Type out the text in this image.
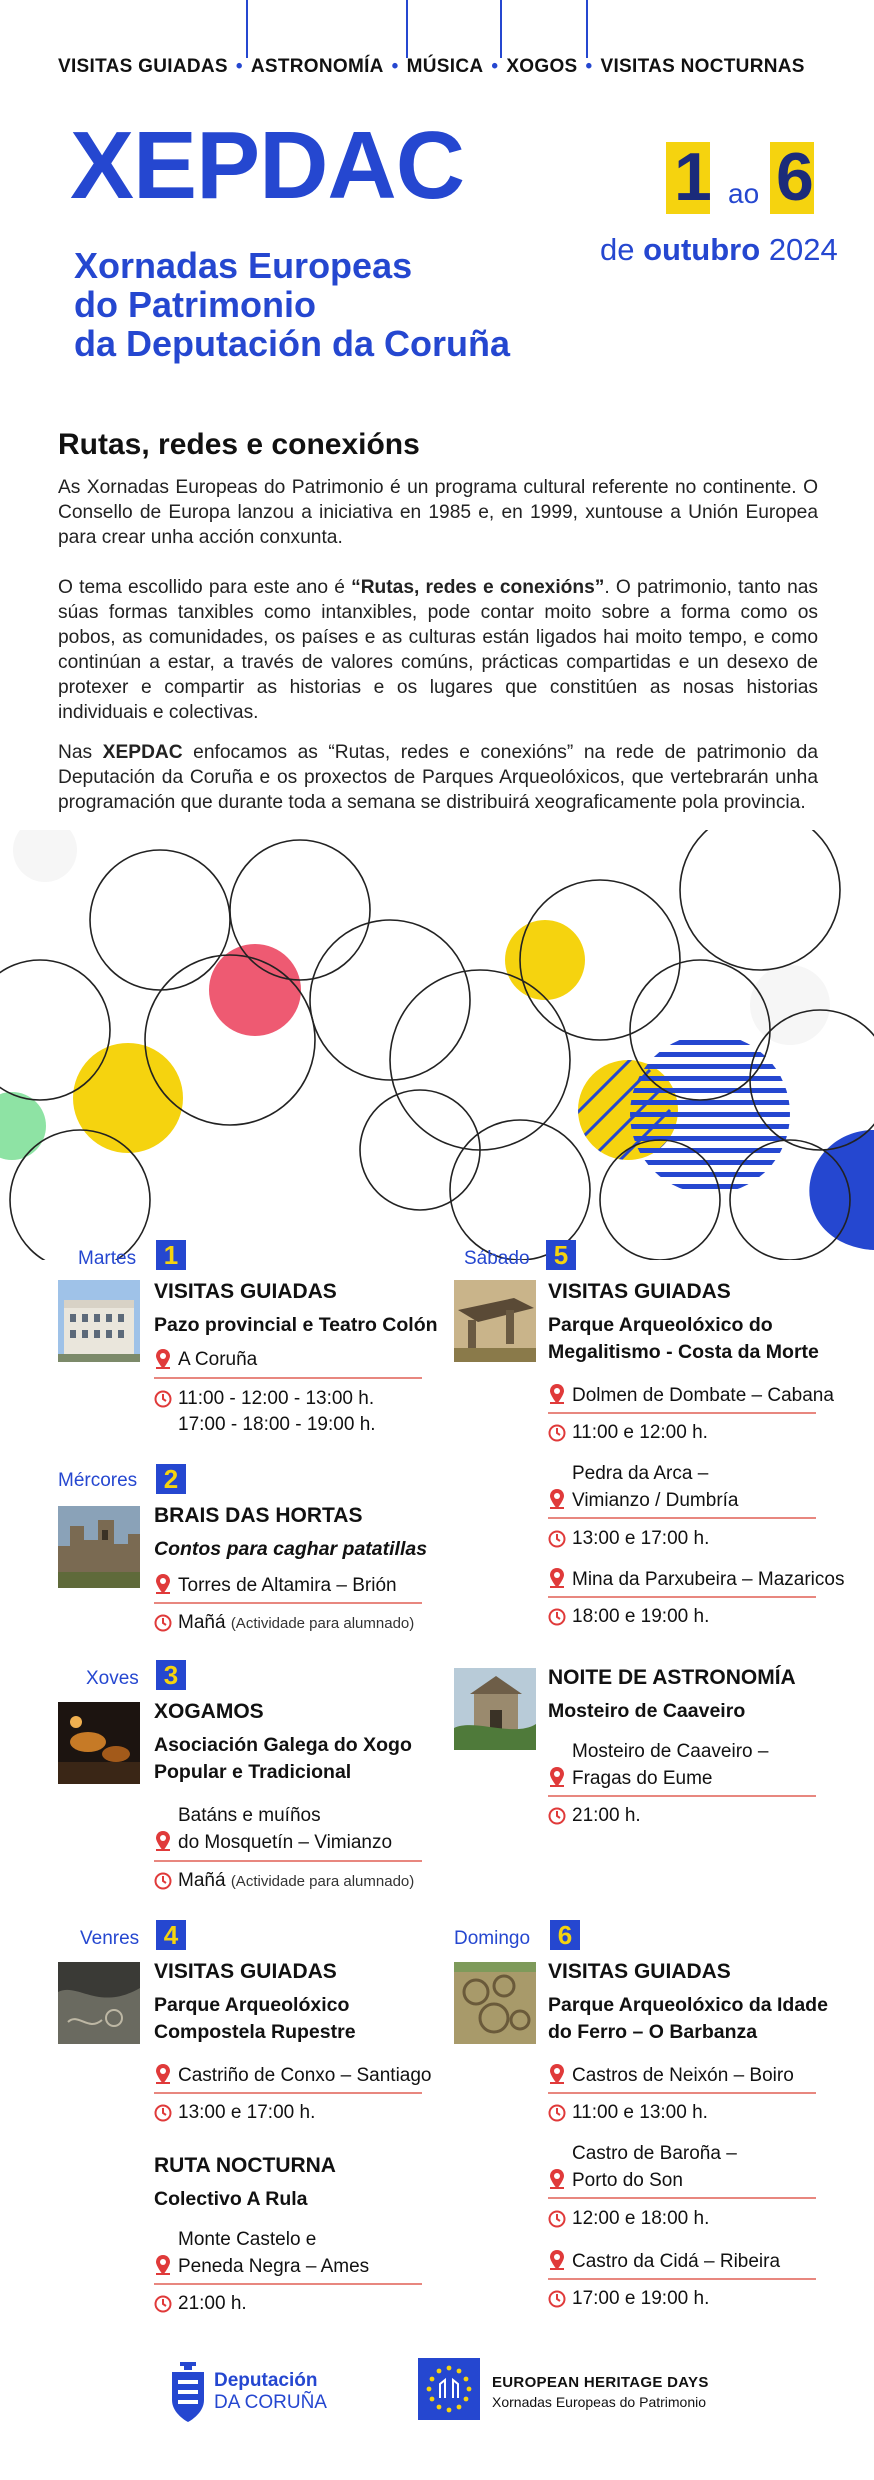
VISITAS GUIADAS • ASTRONOMÍA • MÚSICA • XOGOS • VISITAS NOCTURNAS
XEPDAC
Xornadas Europeas
do Patrimonio
da Deputación da Coruña
1 ao 6
de outubro 2024
Rutas, redes e conexións
As Xornadas Europeas do Patrimonio é un programa cultural referente no continente. O Consello de Europa lanzou a iniciativa en 1985 e, en 1999, xuntouse a Unión Europea para crear unha acción conxunta.
O tema escollido para este ano é “Rutas, redes e conexións”. O patrimonio, tanto nas súas formas tanxibles como intanxibles, pode contar moito sobre a forma como os pobos, as comunidades, os países e as culturas están ligados hai moito tempo, e como continúan a estar, a través de valores comúns, prácticas compartidas e un desexo de protexer e compartir as historias e os lugares que constitúen as nosas historias individuais e colectivas.
Nas XEPDAC enfocamos as “Rutas, redes e conexións” na rede de patrimonio da Deputación da Coruña e os proxectos de Parques Arqueolóxicos, que vertebrarán unha programación que durante toda a semana se distribuirá xeograficamente pola provincia.
Martes 1
VISITAS GUIADAS
Pazo provincial e Teatro Colón
A Coruña
11:00 - 12:00 - 13:00 h.
17:00 - 18:00 - 19:00 h.
Mércores 2
BRAIS DAS HORTAS
Contos para caghar patatillas
Torres de Altamira – Brión
Mañá (Actividade para alumnado)
Xoves 3
XOGAMOS
Asociación Galega do Xogo
Popular e Tradicional
Batáns e muíños
do Mosquetín – Vimianzo
Mañá (Actividade para alumnado)
Venres 4
VISITAS GUIADAS
Parque Arqueolóxico
Compostela Rupestre
Castriño de Conxo – Santiago
13:00 e 17:00 h.
RUTA NOCTURNA
Colectivo A Rula
Monte Castelo e
Peneda Negra – Ames
21:00 h.
Sábado 5
VISITAS GUIADAS
Parque Arqueolóxico do
Megalitismo - Costa da Morte
Dolmen de Dombate – Cabana
11:00 e 12:00 h.
Pedra da Arca –
Vimianzo / Dumbría
13:00 e 17:00 h.
Mina da Parxubeira – Mazaricos
18:00 e 19:00 h.
NOITE DE ASTRONOMÍA
Mosteiro de Caaveiro
Mosteiro de Caaveiro –
Fragas do Eume
21:00 h.
Domingo 6
VISITAS GUIADAS
Parque Arqueolóxico da Idade
do Ferro – O Barbanza
Castros de Neixón – Boiro
11:00 e 13:00 h.
Castro de Baroña –
Porto do Son
12:00 e 18:00 h.
Castro da Cidá – Ribeira
17:00 e 19:00 h.
Deputación
DA CORUÑA
EUROPEAN HERITAGE DAYS
Xornadas Europeas do Patrimonio
